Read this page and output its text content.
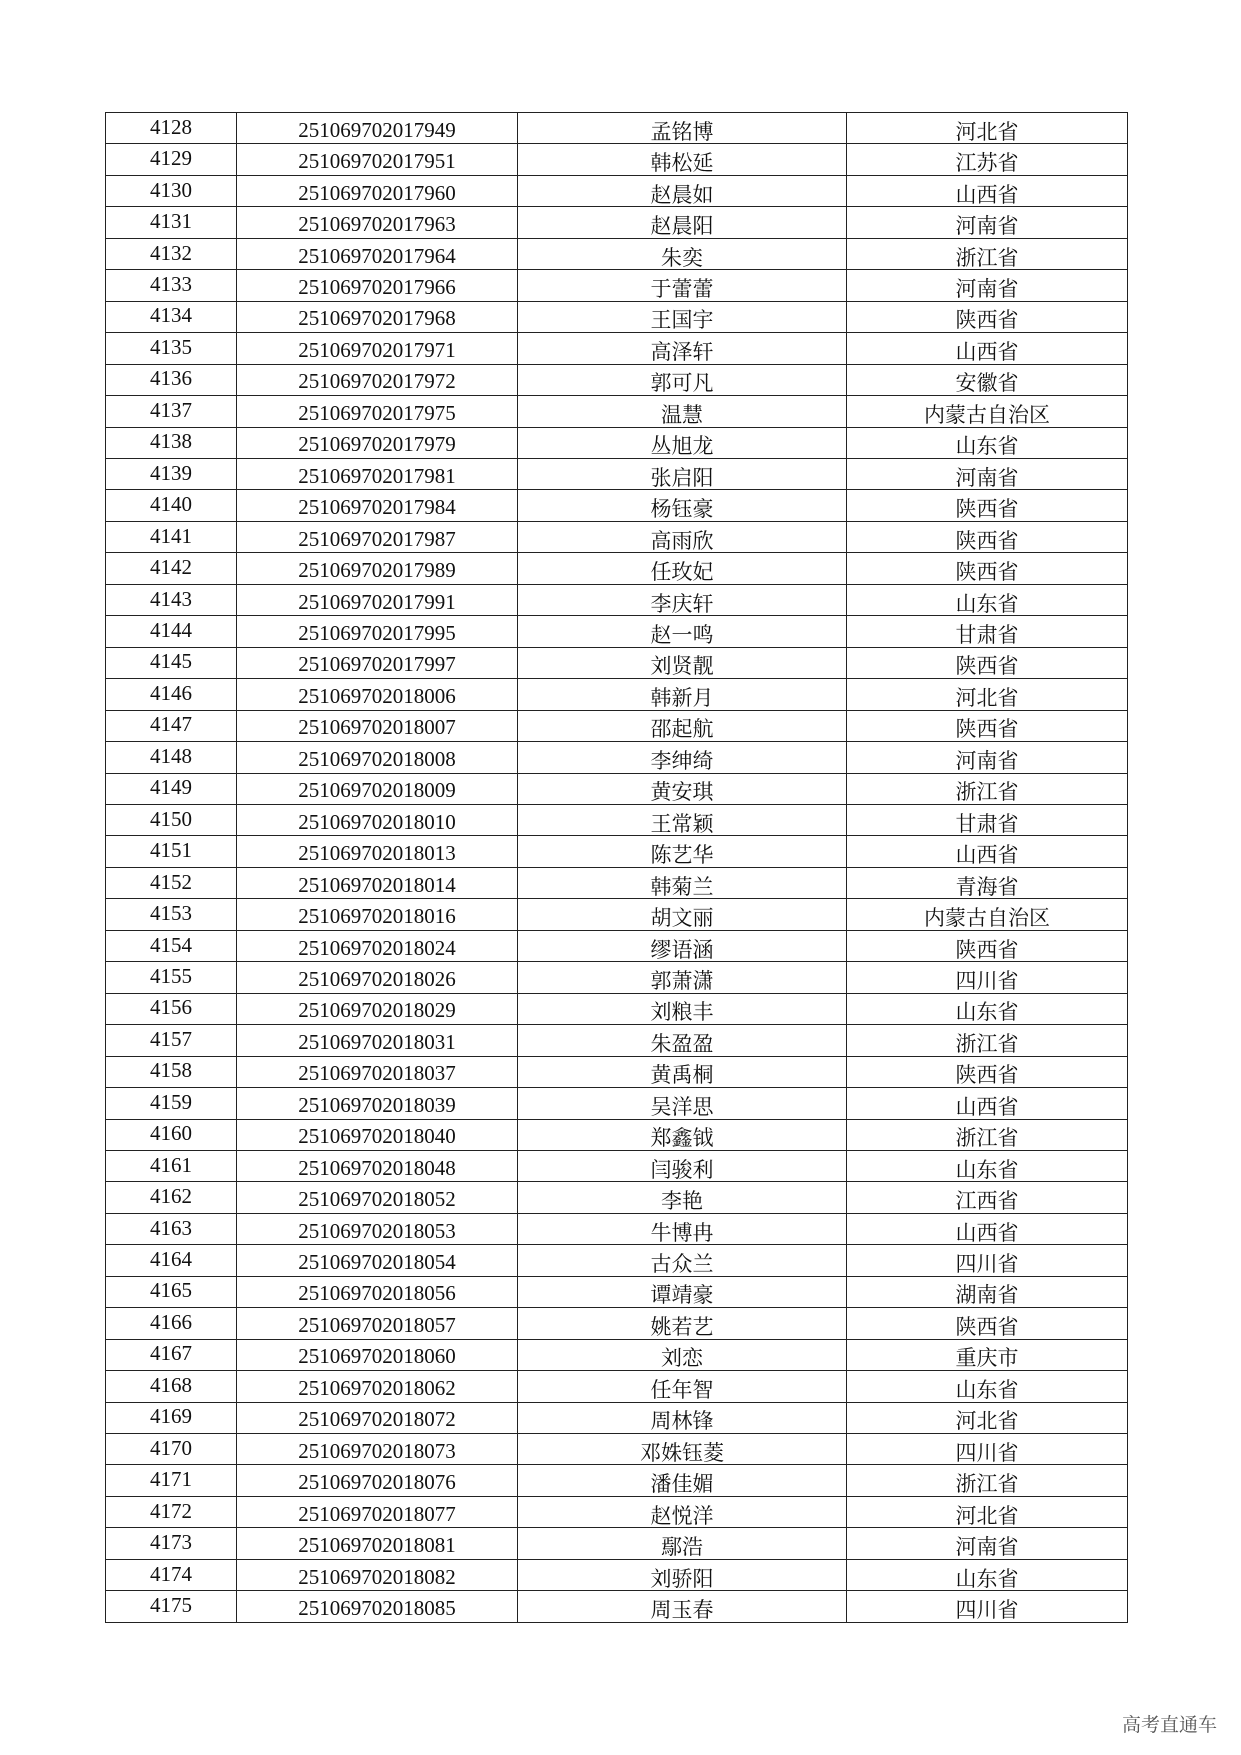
4128	251069702017949	孟铭博	河北省
4129	251069702017951	韩松延	江苏省
4130	251069702017960	赵晨如	山西省
4131	251069702017963	赵晨阳	河南省
4132	251069702017964	朱奕	浙江省
4133	251069702017966	于蕾蕾	河南省
4134	251069702017968	王国宇	陕西省
4135	251069702017971	高泽轩	山西省
4136	251069702017972	郭可凡	安徽省
4137	251069702017975	温慧	内蒙古自治区
4138	251069702017979	丛旭龙	山东省
4139	251069702017981	张启阳	河南省
4140	251069702017984	杨钰豪	陕西省
4141	251069702017987	高雨欣	陕西省
4142	251069702017989	任玫妃	陕西省
4143	251069702017991	李庆轩	山东省
4144	251069702017995	赵一鸣	甘肃省
4145	251069702017997	刘贤靓	陕西省
4146	251069702018006	韩新月	河北省
4147	251069702018007	邵起航	陕西省
4148	251069702018008	李绅绮	河南省
4149	251069702018009	黄安琪	浙江省
4150	251069702018010	王常颖	甘肃省
4151	251069702018013	陈艺华	山西省
4152	251069702018014	韩菊兰	青海省
4153	251069702018016	胡文丽	内蒙古自治区
4154	251069702018024	缪语涵	陕西省
4155	251069702018026	郭萧潇	四川省
4156	251069702018029	刘粮丰	山东省
4157	251069702018031	朱盈盈	浙江省
4158	251069702018037	黄禹桐	陕西省
4159	251069702018039	吴洋思	山西省
4160	251069702018040	郑鑫钺	浙江省
4161	251069702018048	闫骏利	山东省
4162	251069702018052	李艳	江西省
4163	251069702018053	牛博冉	山西省
4164	251069702018054	古众兰	四川省
4165	251069702018056	谭靖豪	湖南省
4166	251069702018057	姚若艺	陕西省
4167	251069702018060	刘恋	重庆市
4168	251069702018062	任年智	山东省
4169	251069702018072	周林锋	河北省
4170	251069702018073	邓姝钰菱	四川省
4171	251069702018076	潘佳媚	浙江省
4172	251069702018077	赵悦洋	河北省
4173	251069702018081	鄢浩	河南省
4174	251069702018082	刘骄阳	山东省
4175	251069702018085	周玉春	四川省
高考直通车
